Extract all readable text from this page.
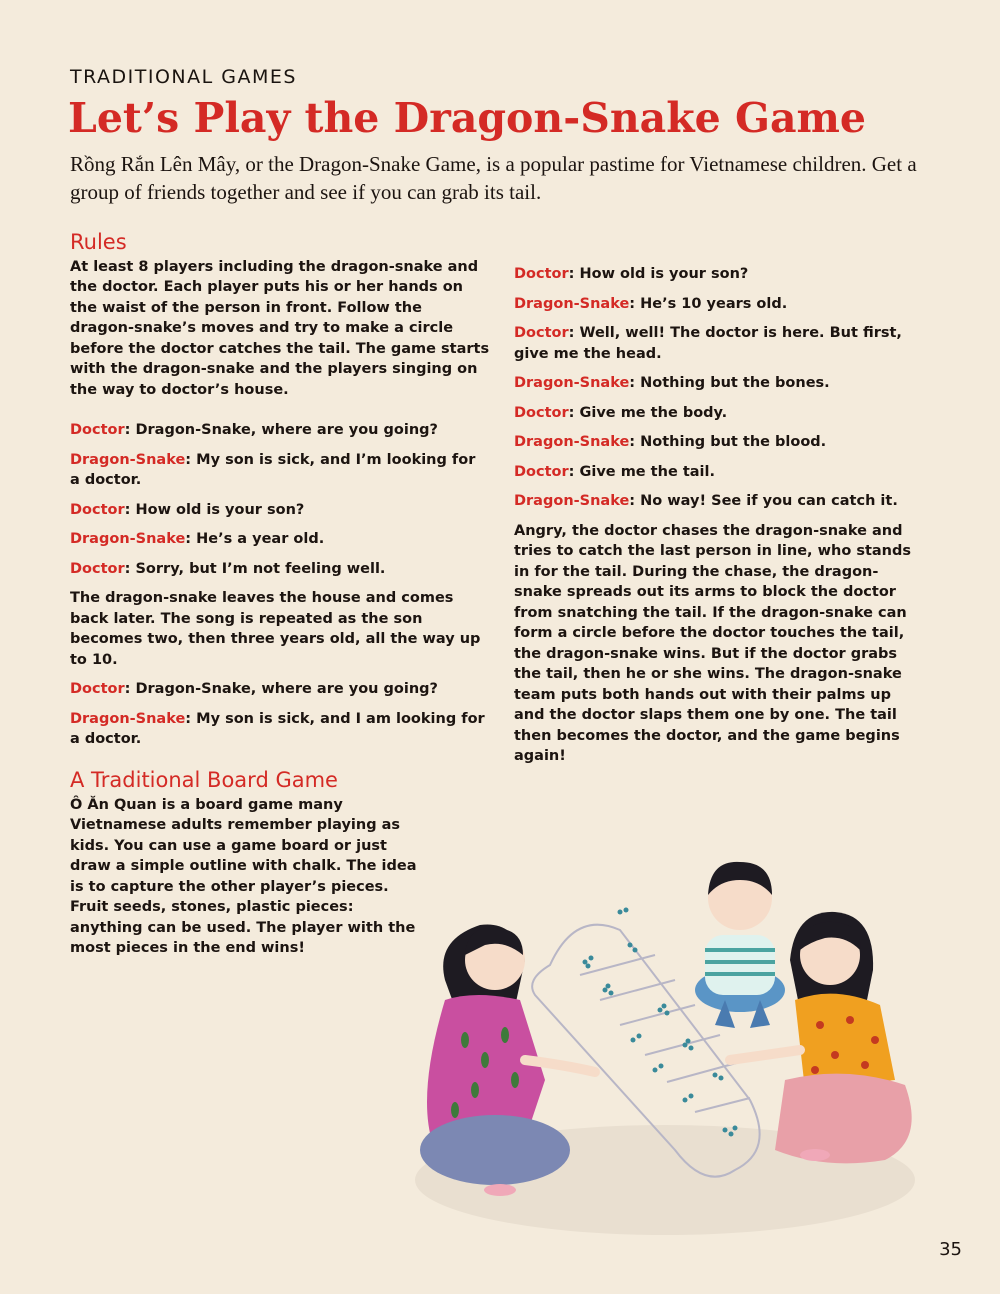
TRADITIONAL GAMES
Let’s Play the Dragon-Snake Game
Rồng Rắn Lên Mây, or the Dragon-Snake Game, is a popular pastime for Vietnamese children. Get a group of friends together and see if you can grab its tail.
Rules

At least 8 players including the dragon-snake and the doctor. Each player puts his or her hands on the waist of the person in front. Follow the dragon-snake’s moves and try to make a circle before the doctor catches the tail. The game starts with the dragon-snake and the players singing on the way to doctor’s house.

Doctor: Dragon-Snake, where are you going?

Dragon-Snake: My son is sick, and I’m looking for a doctor.

Doctor: How old is your son?

Dragon-Snake: He’s a year old.

Doctor: Sorry, but I’m not feeling well.

The dragon-snake leaves the house and comes back later. The song is repeated as the son becomes two, then three years old, all the way up to 10.

Doctor: Dragon-Snake, where are you going?

Dragon-Snake: My son is sick, and I am looking for a doctor.

Doctor: How old is your son?

Dragon-Snake: He’s 10 years old.

Doctor: Well, well! The doctor is here. But first, give me the head.

Dragon-Snake: Nothing but the bones.

Doctor: Give me the body.

Dragon-Snake: Nothing but the blood.

Doctor: Give me the tail.

Dragon-Snake: No way! See if you can catch it.

Angry, the doctor chases the dragon-snake and tries to catch the last person in line, who stands in for the tail. During the chase, the dragon-snake spreads out its arms to block the doctor from snatching the tail. If the dragon-snake can form a circle before the doctor touches the tail, the dragon-snake wins. But if the doctor grabs the tail, then he or she wins. The dragon-snake team puts both hands out with their palms up and the doctor slaps them one by one. The tail then becomes the doctor, and the game begins again!

A Traditional Board Game
Ô Ăn Quan is a board game many Vietnamese adults remember playing as kids. You can use a game board or just draw a simple outline with chalk. The idea is to capture the other player’s pieces. Fruit seeds, stones, plastic pieces: anything can be used. The player with the most pieces in the end wins!
35
